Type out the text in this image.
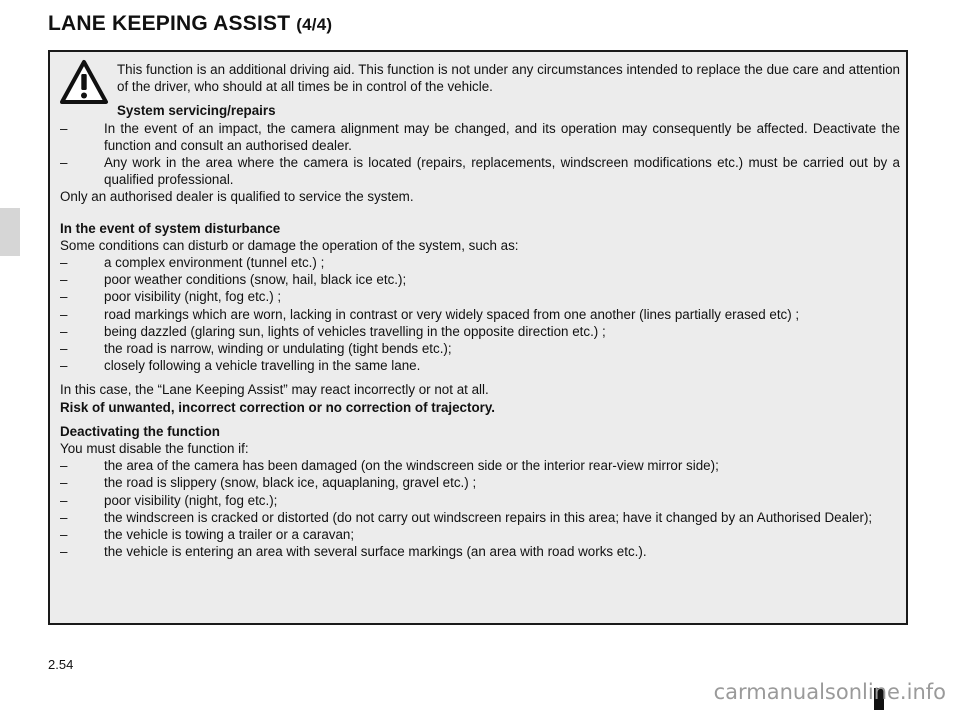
LANE KEEPING ASSIST (4/4)
This function is an additional driving aid. This function is not under any circumstances intended to replace the due care and attention of the driver, who should at all times be in control of the vehicle.
System servicing/repairs
– In the event of an impact, the camera alignment may be changed, and its operation may consequently be affected. Deactivate the function and consult an authorised dealer.
– Any work in the area where the camera is located (repairs, replacements, windscreen modifications etc.) must be carried out by a qualified professional.
Only an authorised dealer is qualified to service the system.
In the event of system disturbance
Some conditions can disturb or damage the operation of the system, such as:
– a complex environment (tunnel etc.) ;
– poor weather conditions (snow, hail, black ice etc.);
– poor visibility (night, fog etc.) ;
– road markings which are worn, lacking in contrast or very widely spaced from one another (lines partially erased etc) ;
– being dazzled (glaring sun, lights of vehicles travelling in the opposite direction etc.) ;
– the road is narrow, winding or undulating (tight bends etc.);
– closely following a vehicle travelling in the same lane.
In this case, the “Lane Keeping Assist” may react incorrectly or not at all.
Risk of unwanted, incorrect correction or no correction of trajectory.
Deactivating the function
You must disable the function if:
– the area of the camera has been damaged (on the windscreen side or the interior rear-view mirror side);
– the road is slippery (snow, black ice, aquaplaning, gravel etc.) ;
– poor visibility (night, fog etc.);
– the windscreen is cracked or distorted (do not carry out windscreen repairs in this area; have it changed by an Authorised Dealer);
– the vehicle is towing a trailer or a caravan;
– the vehicle is entering an area with several surface markings (an area with road works etc.).
2.54
carmanualsonline.info
